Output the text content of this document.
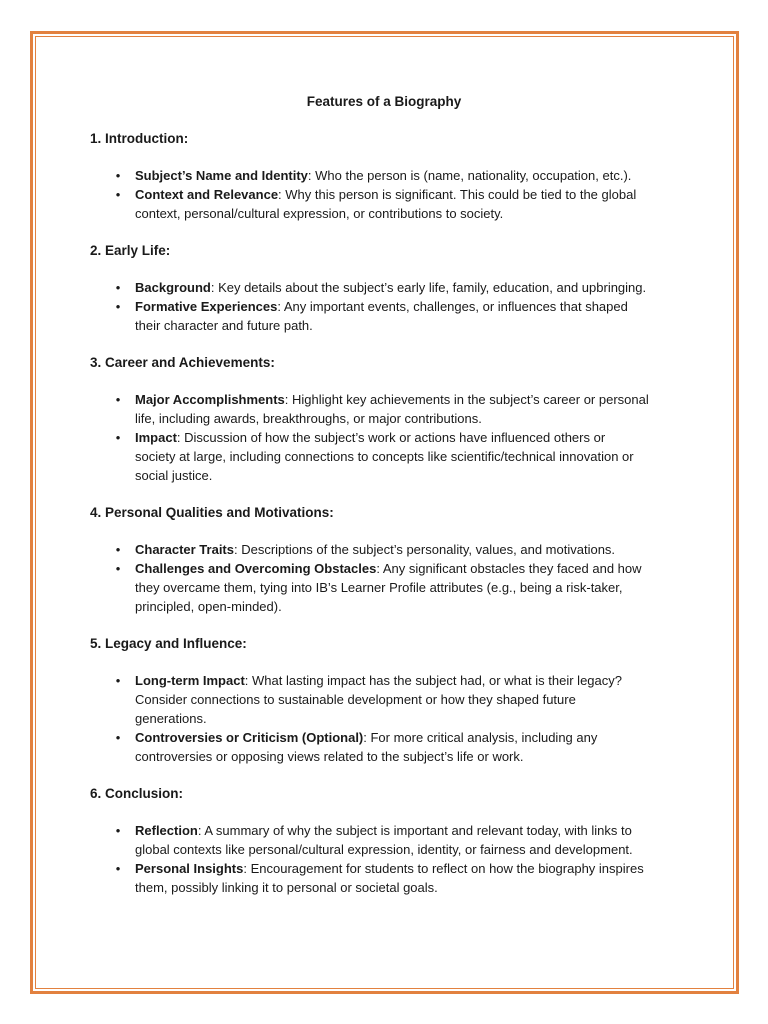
Features of a Biography
1. Introduction:
• Subject’s Name and Identity: Who the person is (name, nationality, occupation, etc.).
• Context and Relevance: Why this person is significant. This could be tied to the global
context, personal/cultural expression, or contributions to society.
2. Early Life:
• Background: Key details about the subject’s early life, family, education, and upbringing.
• Formative Experiences: Any important events, challenges, or influences that shaped
their character and future path.
3. Career and Achievements:
• Major Accomplishments: Highlight key achievements in the subject’s career or personal
life, including awards, breakthroughs, or major contributions.
• Impact: Discussion of how the subject’s work or actions have influenced others or
society at large, including connections to concepts like scientific/technical innovation or
social justice.
4. Personal Qualities and Motivations:
• Character Traits: Descriptions of the subject’s personality, values, and motivations.
• Challenges and Overcoming Obstacles: Any significant obstacles they faced and how
they overcame them, tying into IB’s Learner Profile attributes (e.g., being a risk-taker,
principled, open-minded).
5. Legacy and Influence:
• Long-term Impact: What lasting impact has the subject had, or what is their legacy?
Consider connections to sustainable development or how they shaped future
generations.
• Controversies or Criticism (Optional): For more critical analysis, including any
controversies or opposing views related to the subject’s life or work.
6. Conclusion:
• Reflection: A summary of why the subject is important and relevant today, with links to
global contexts like personal/cultural expression, identity, or fairness and development.
• Personal Insights: Encouragement for students to reflect on how the biography inspires
them, possibly linking it to personal or societal goals.
